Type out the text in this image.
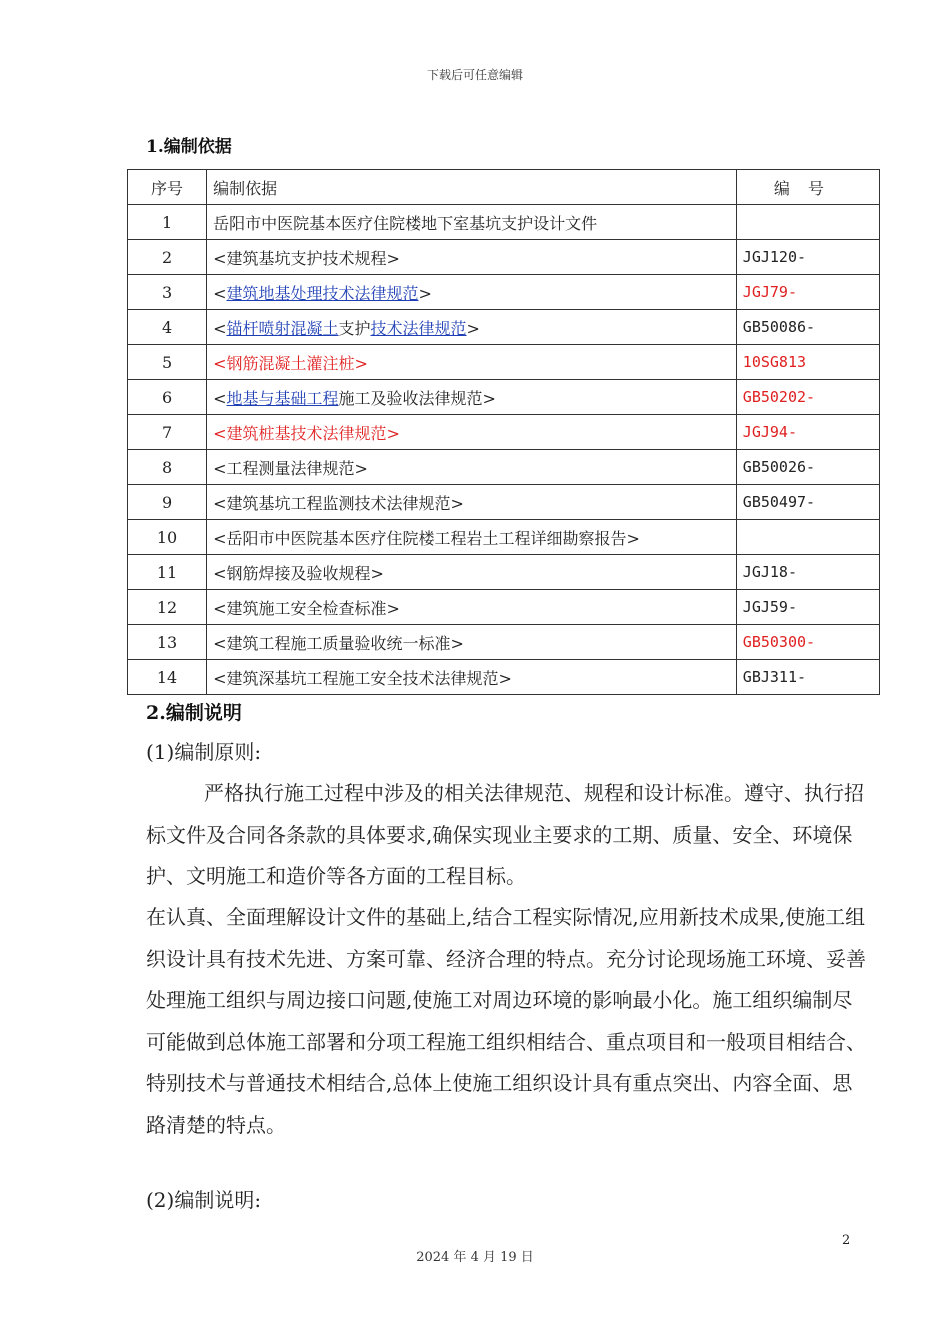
下载后可任意编辑
1.编制依据
序号	编制依据	编号
1	岳阳市中医院基本医疗住院楼地下室基坑支护设计文件	
2	<建筑基坑支护技术规程>	JGJ120-
3	<建筑地基处理技术法律规范>	JGJ79-
4	<锚杆喷射混凝土支护技术法律规范>	GB50086-
5	<钢筋混凝土灌注桩>	10SG813
6	<地基与基础工程施工及验收法律规范>	GB50202-
7	<建筑桩基技术法律规范>	JGJ94-
8	<工程测量法律规范>	GB50026-
9	<建筑基坑工程监测技术法律规范>	GB50497-
10	<岳阳市中医院基本医疗住院楼工程岩土工程详细勘察报告>	
11	<钢筋焊接及验收规程>	JGJ18-
12	<建筑施工安全检查标准>	JGJ59-
13	<建筑工程施工质量验收统一标准>	GB50300-
14	<建筑深基坑工程施工安全技术法律规范>	GBJ311-
2.编制说明
(1)编制原则:
严格执行施工过程中涉及的相关法律规范、规程和设计标准。遵守、执行招标文件及合同各条款的具体要求,确保实现业主要求的工期、质量、安全、环境保护、文明施工和造价等各方面的工程目标。
在认真、全面理解设计文件的基础上,结合工程实际情况,应用新技术成果,使施工组织设计具有技术先进、方案可靠、经济合理的特点。充分讨论现场施工环境、妥善处理施工组织与周边接口问题,使施工对周边环境的影响最小化。施工组织编制尽可能做到总体施工部署和分项工程施工组织相结合、重点项目和一般项目相结合、特别技术与普通技术相结合,总体上使施工组织设计具有重点突出、内容全面、思路清楚的特点。
(2)编制说明:
2
2024 年 4 月 19 日
